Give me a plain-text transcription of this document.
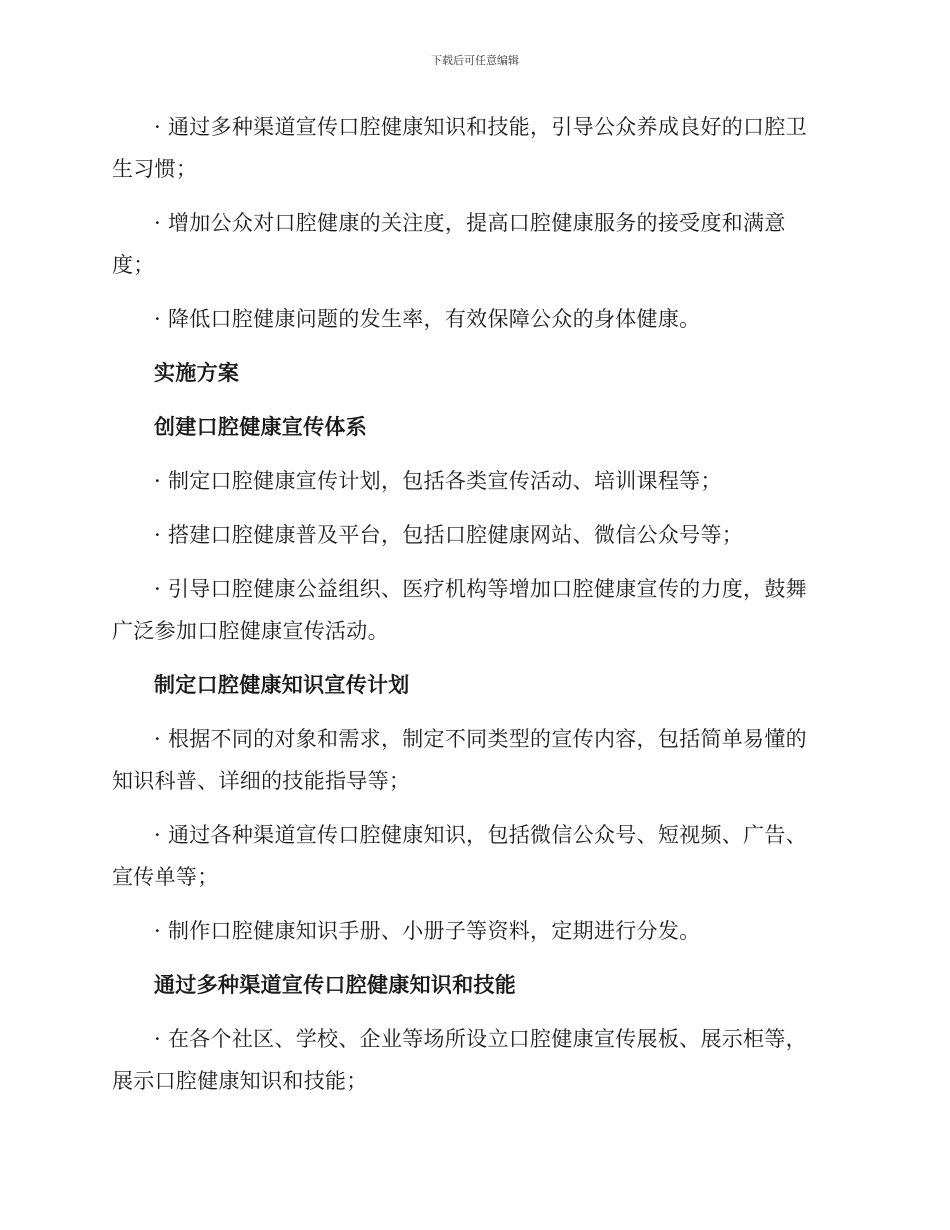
下载后可任意编辑

· 通过多种渠道宣传口腔健康知识和技能，引导公众养成良好的口腔卫生习惯；

· 增加公众对口腔健康的关注度，提高口腔健康服务的接受度和满意度；

· 降低口腔健康问题的发生率，有效保障公众的身体健康。

实施方案

创建口腔健康宣传体系

· 制定口腔健康宣传计划，包括各类宣传活动、培训课程等；

· 搭建口腔健康普及平台，包括口腔健康网站、微信公众号等；

· 引导口腔健康公益组织、医疗机构等增加口腔健康宣传的力度，鼓舞广泛参加口腔健康宣传活动。

制定口腔健康知识宣传计划

· 根据不同的对象和需求，制定不同类型的宣传内容，包括简单易懂的知识科普、详细的技能指导等；

· 通过各种渠道宣传口腔健康知识，包括微信公众号、短视频、广告、宣传单等；

· 制作口腔健康知识手册、小册子等资料，定期进行分发。

通过多种渠道宣传口腔健康知识和技能

· 在各个社区、学校、企业等场所设立口腔健康宣传展板、展示柜等，展示口腔健康知识和技能；
